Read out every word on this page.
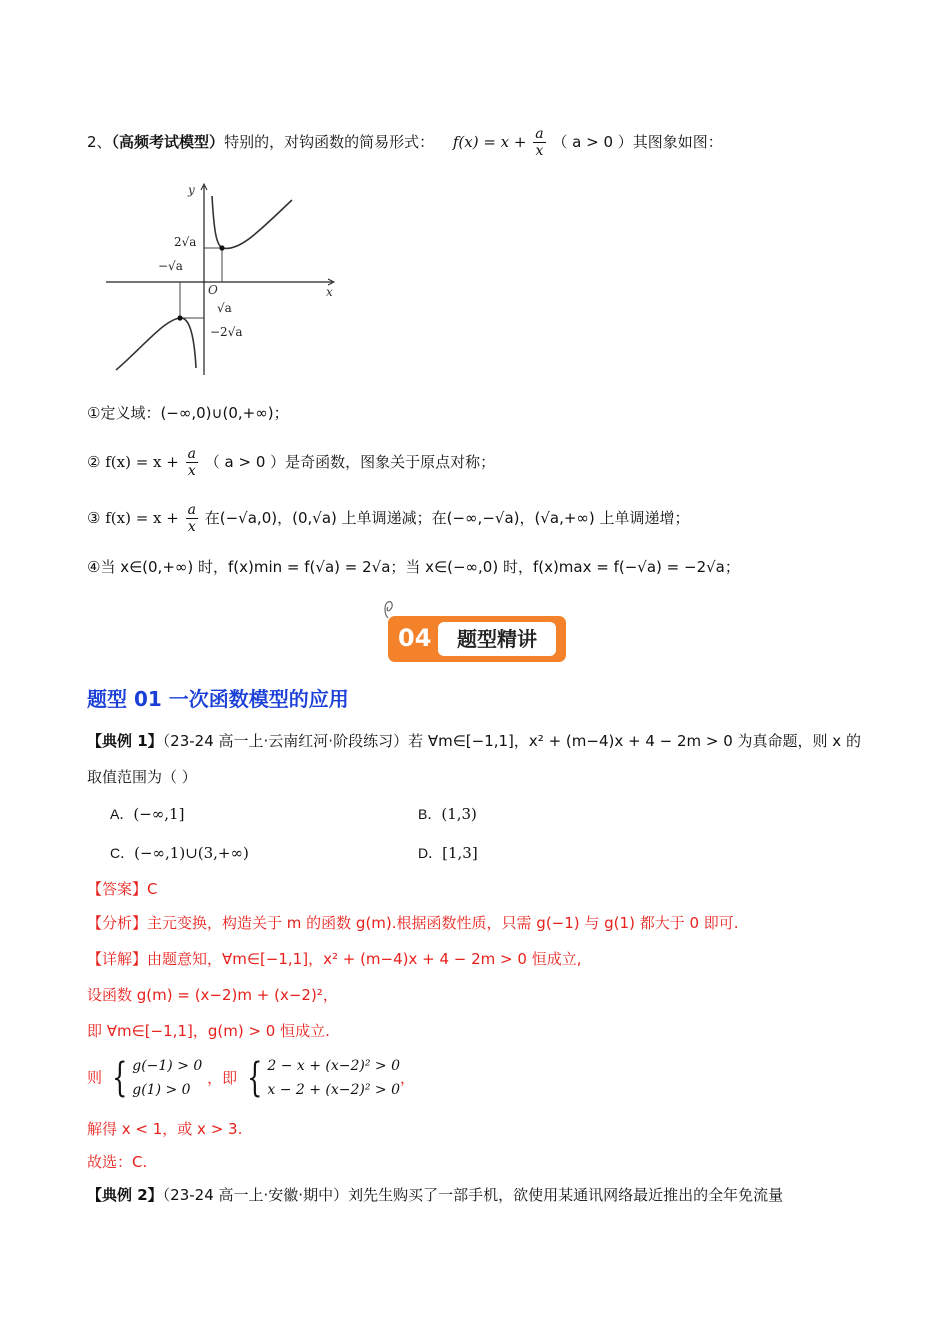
2、（高频考试模型）特别的，对钩函数的简易形式： $f(x) = x + \frac{a}{x}$ （ a > 0 ）其图象如图：
y
x
O
2√a
−√a
√a
−2√a
①定义域：(−∞,0)∪(0,+∞)；
② $f(x) = x + \frac{a}{x}$ （ a > 0 ）是奇函数，图象关于原点对称；
③ $f(x) = x + \frac{a}{x}$ 在(−√a,0)，(0,√a) 上单调递减；在(−∞,−√a)，(√a,+∞) 上单调递增；
④当 x∈(0,+∞) 时，f(x)min = f(√a) = 2√a；当 x∈(−∞,0) 时，f(x)max = f(−√a) = −2√a；
04	题型精讲
题型 01 一次函数模型的应用
【典例 1】（23-24 高一上·云南红河·阶段练习）若 ∀m∈[−1,1]，x² + (m−4)x + 4 − 2m > 0 为真命题，则 x 的
取值范围为（ ）
A．(−∞,1]	B．(1,3)
C．(−∞,1)∪(3,+∞)	D．[1,3]
【答案】C
【分析】主元变换，构造关于 m 的函数 g(m).根据函数性质，只需 g(−1) 与 g(1) 都大于 0 即可.
【详解】由题意知，∀m∈[−1,1]，x² + (m−4)x + 4 − 2m > 0 恒成立,
设函数 g(m) = (x−2)m + (x−2)²，
即 ∀m∈[−1,1]，g(m) > 0 恒成立.
则 { g(−1) > 0
g(1) > 0
，即 { 2 − x + (x−2)² > 0
x − 2 + (x−2)² > 0
，
解得 x < 1，或 x > 3.
故选：C.
【典例 2】（23-24 高一上·安徽·期中）刘先生购买了一部手机，欲使用某通讯网络最近推出的全年免流量
